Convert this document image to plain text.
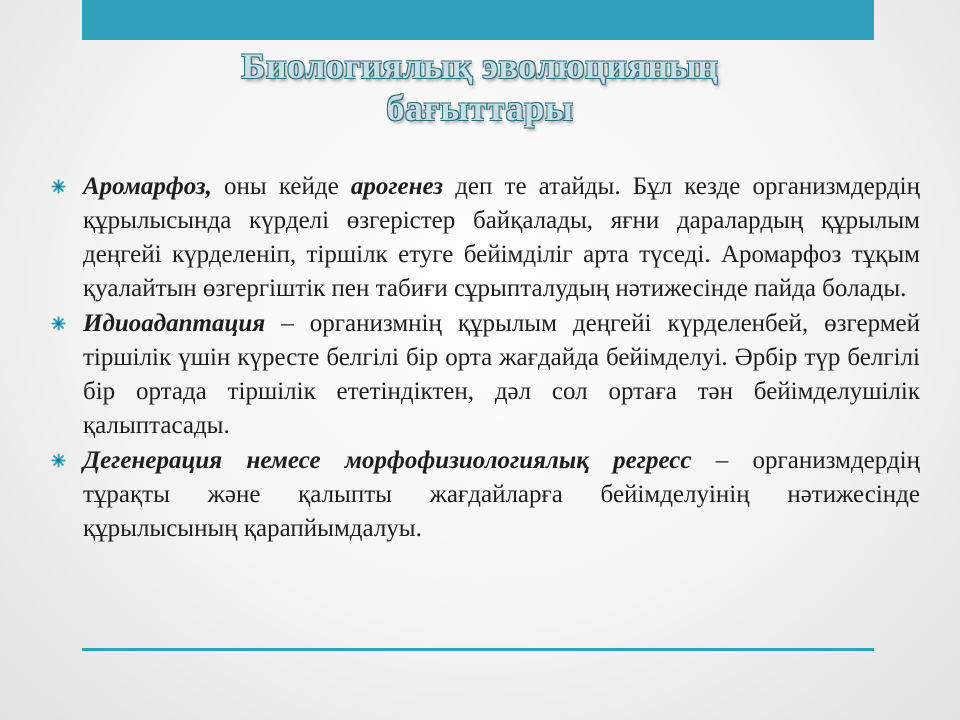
Биологиялық эволюцияның
бағыттары
Аромарфоз, оны кейде арогенез деп те атайды. Бұл кезде организмдердің құрылысында күрделі өзгерістер байқалады, яғни даралардың құрылым деңгейі күрделеніп, тіршілк етуге бейімділіг арта түседі. Аромарфоз тұқым қуалайтын өзгергіштік пен табиғи сұрыпталудың нәтижесінде пайда болады.
Идиоадаптация – организмнің құрылым деңгейі күрделенбей, өзгермей тіршілік үшін күресте белгілі бір орта жағдайда бейімделуі. Әрбір түр белгілі бір ортада тіршілік ететіндіктен, дәл сол ортаға тән бейімделушілік қалыптасады.
Дегенерация немесе морфофизиологиялық регресс – организмдердің тұрақты және қалыпты жағдайларға бейімделуінің нәтижесінде құрылысының қарапйымдалуы.
